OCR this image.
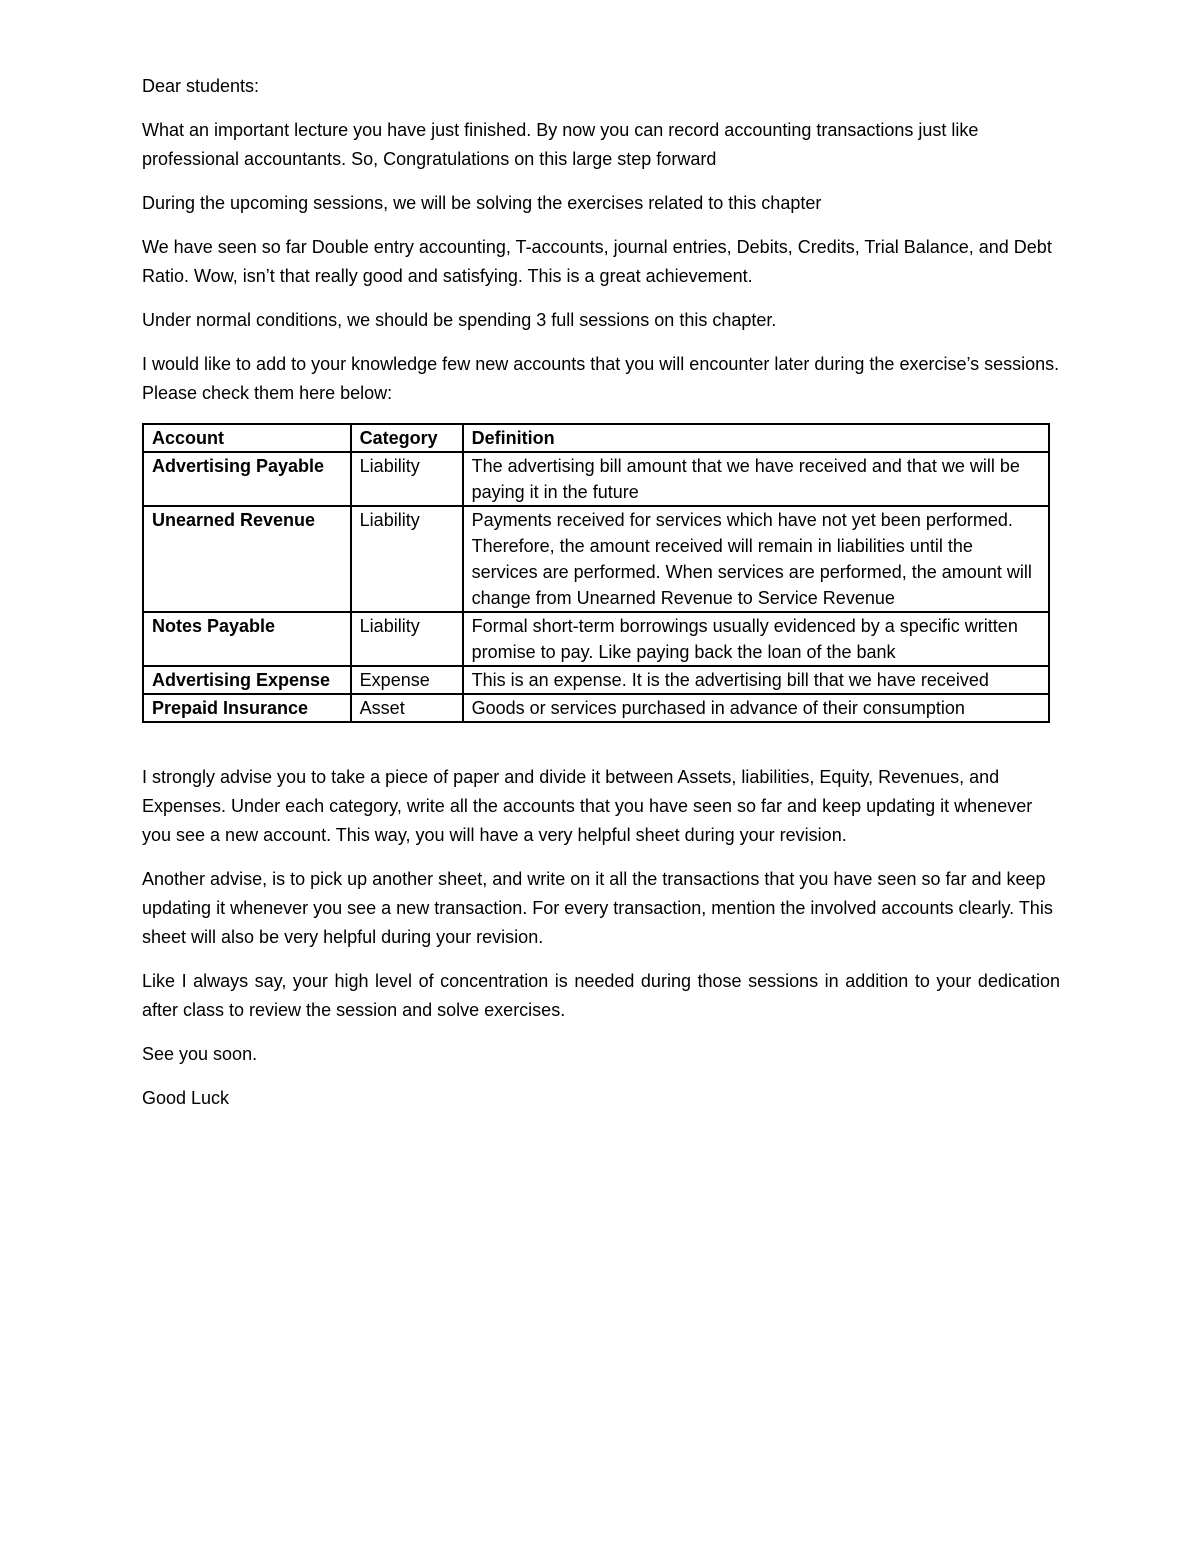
Dear students:

What an important lecture you have just finished. By now you can record accounting transactions just like professional accountants. So, Congratulations on this large step forward

During the upcoming sessions, we will be solving the exercises related to this chapter

We have seen so far Double entry accounting, T-accounts, journal entries, Debits, Credits, Trial Balance, and Debt Ratio. Wow, isn’t that really good and satisfying. This is a great achievement.

Under normal conditions, we should be spending 3 full sessions on this chapter.

I would like to add to your knowledge few new accounts that you will encounter later during the exercise’s sessions. Please check them here below:

Account	Category	Definition
Advertising Payable	Liability	The advertising bill amount that we have received and that we will be paying it in the future
Unearned Revenue	Liability	Payments received for services which have not yet been performed. Therefore, the amount received will remain in liabilities until the services are performed. When services are performed, the amount will change from Unearned Revenue to Service Revenue
Notes Payable	Liability	Formal short-term borrowings usually evidenced by a specific written promise to pay. Like paying back the loan of the bank
Advertising Expense	Expense	This is an expense. It is the advertising bill that we have received
Prepaid Insurance	Asset	Goods or services purchased in advance of their consumption

I strongly advise you to take a piece of paper and divide it between Assets, liabilities, Equity, Revenues, and Expenses. Under each category, write all the accounts that you have seen so far and keep updating it whenever you see a new account. This way, you will have a very helpful sheet during your revision.

Another advise, is to pick up another sheet, and write on it all the transactions that you have seen so far and keep updating it whenever you see a new transaction. For every transaction, mention the involved accounts clearly. This sheet will also be very helpful during your revision.

Like I always say, your high level of concentration is needed during those sessions in addition to your dedication after class to review the session and solve exercises.

See you soon.

Good Luck
